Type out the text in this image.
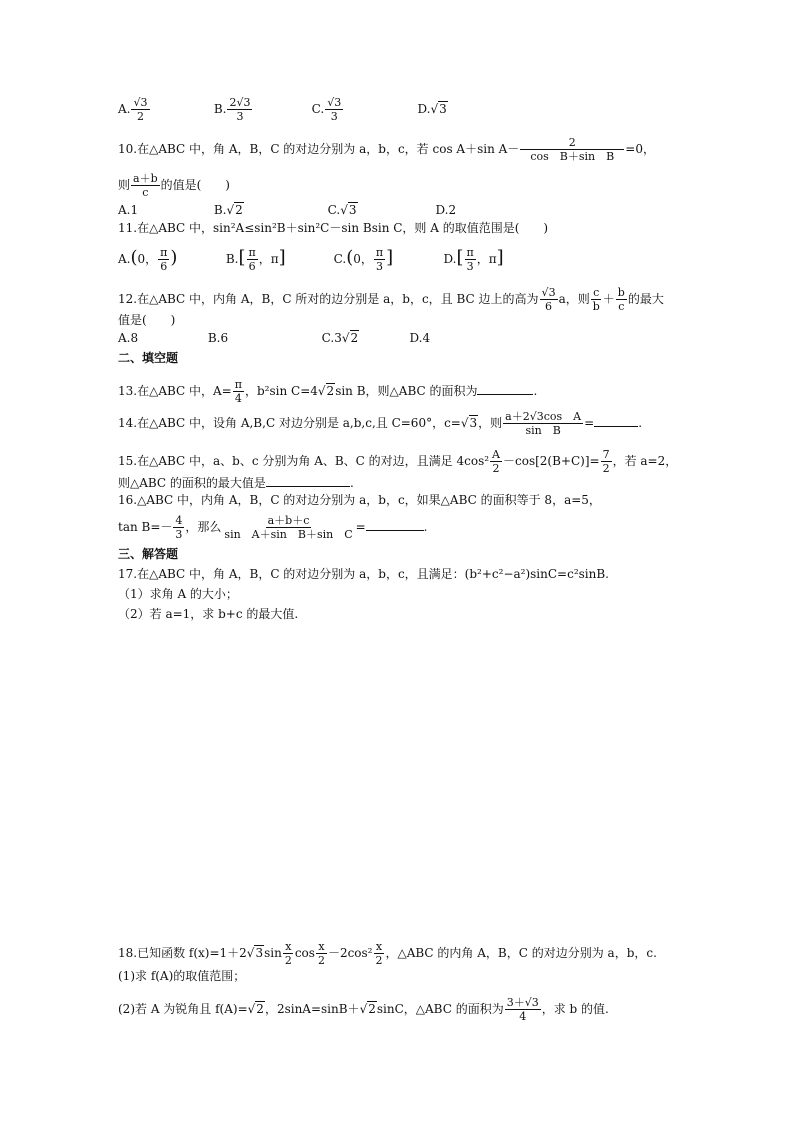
A. $\frac{√3}{2}$	B. $\frac{2√3}{3}$	C. $\frac{√3}{3}$	D.√3
10.在△ABC 中，角 A，B，C 的对边分别为 a，b，c，若 cos A＋sin $A- \frac{2}{\text{cos　B＋sin　B}} =0$，
则 $\frac{a+b}{c}$ 的值是(　　)
A.1	B.√2	C.√3	D.2
11.在△ABC 中，sin²A≤sin²B＋sin²C－sin Bsin C，则 A 的取值范围是(　　)
A.(0， $\frac{\pi}{6}$ )	$B.[ \frac{\pi}{6}$ ，π]	C.(0， $\frac{\pi}{3}$ ]	$D.[ \frac{\pi}{3}$ ，π]
12.在△ABC 中，内角 A，B，C 所对的边分别是 a，b，c，且 BC 边上的高为 $\frac{√3}{6}$ a，则 $\frac{c}{b} + \frac{b}{c}$ 的最大
值是(　　)
A.8	B.6	C.3√2	D.4
二、填空题
13.在△ABC 中，$A= \frac{\pi}{4}$ ，b²sin C=4√2sin B，则△ABC 的面积为	.
14.在△ABC 中，设角 A,B,C 对边分别是 a,b,c,且 C=60°，c=√3，则 $\frac{\text{a＋2√3cos　A}}{\text{sin　B}}$ =	.
15.在△ABC 中，a、b、c 分别为角 A、B、C 的对边，且满足 $4\cos^2 \frac{A}{2} -\cos[2(B+C)]= \frac{7}{2}$ ，若 a=2，
则△ABC 的面积的最大值是	.
16.△ABC 中，内角 A，B，C 的对边分别为 a，b，c，如果△ABC 的面积等于 8，a=5，
$\tan B=- \frac{4}{3}$ ，那么 $\frac{a+b+c}{\text{sin　A＋sin　B＋sin　C}}$ =	.
三、解答题
17.在△ABC 中，角 A，B，C 的对边分别为 a，b，c，且满足：(b²+c²−a²)sinC=c²sinB.
（1）求角 A 的大小；
（2）若 a=1，求 b+c 的最大值.
18.已知函数 $f(x)=1+2√3\sin \frac{x}{2}$ $\cos \frac{x}{2} -2\cos^2 \frac{x}{2}$ ，△ABC 的内角 A，B，C 的对边分别为 a，b，c.
(1)求 f(A)的取值范围；
(2)若 A 为锐角且 f(A)=√2，2sinA=sinB＋√2sinC，△ABC 的面积为 $\frac{3+√3}{4}$ ，求 b 的值.
